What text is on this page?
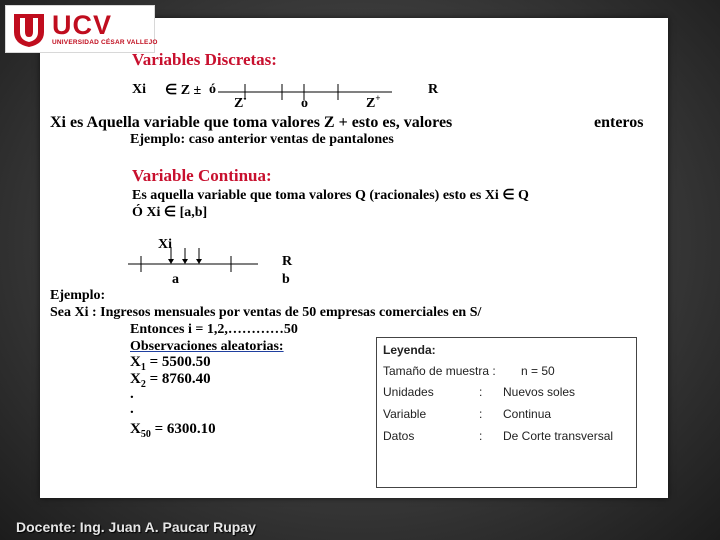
UCV
UNIVERSIDAD CÉSAR VALLEJO
Variables Discretas:
Xi ∈ Z ± ó
Z-	o	Z+
R
Xi es Aquella variable que toma valores Z + esto es, valores	enteros
Ejemplo: caso anterior ventas de pantalones
Variable Continua:
Es aquella variable que toma valores Q (racionales) esto es Xi ∈ Q
Ó Xi ∈ [a,b]
Xi
a
R
b
Ejemplo:
Sea Xi : Ingresos mensuales por ventas de 50 empresas comerciales en S/
Entonces i = 1,2,…………50
Observaciones aleatorias:
$X_1 = 5500.50$
$X_2 = 8760.40$
.
.
$X_{50} = 6300.10$
Leyenda:
Tamaño de muestra : n = 50
Unidades	: Nuevos soles
Variable	: Continua
Datos	: De Corte transversal
Docente: Ing. Juan A. Paucar Rupay
